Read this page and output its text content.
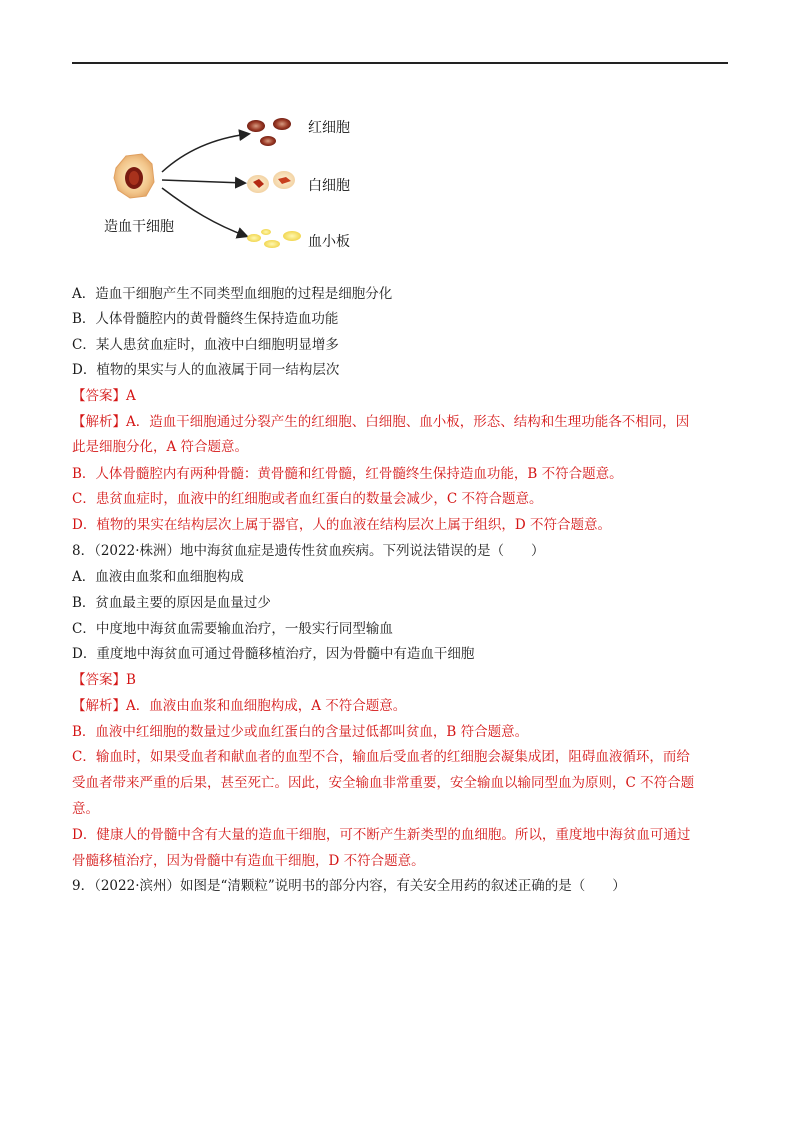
造血干细胞
红细胞
白细胞
血小板
A．造血干细胞产生不同类型血细胞的过程是细胞分化
B．人体骨髓腔内的黄骨髓终生保持造血功能
C．某人患贫血症时，血液中白细胞明显增多
D．植物的果实与人的血液属于同一结构层次
【答案】A
【解析】A．造血干细胞通过分裂产生的红细胞、白细胞、血小板，形态、结构和生理功能各不相同，因
此是细胞分化，A 符合题意。
B．人体骨髓腔内有两种骨髓：黄骨髓和红骨髓，红骨髓终生保持造血功能，B 不符合题意。
C．患贫血症时，血液中的红细胞或者血红蛋白的数量会减少，C 不符合题意。
D．植物的果实在结构层次上属于器官，人的血液在结构层次上属于组织，D 不符合题意。
8．（2022·株洲）地中海贫血症是遗传性贫血疾病。下列说法错误的是（　　）
A．血液由血浆和血细胞构成
B．贫血最主要的原因是血量过少
C．中度地中海贫血需要输血治疗，一般实行同型输血
D．重度地中海贫血可通过骨髓移植治疗，因为骨髓中有造血干细胞
【答案】B
【解析】A．血液由血浆和血细胞构成，A 不符合题意。
B．血液中红细胞的数量过少或血红蛋白的含量过低都叫贫血，B 符合题意。
C．输血时，如果受血者和献血者的血型不合，输血后受血者的红细胞会凝集成团，阻碍血液循环，而给
受血者带来严重的后果，甚至死亡。因此，安全输血非常重要，安全输血以输同型血为原则，C 不符合题
意。
D．健康人的骨髓中含有大量的造血干细胞，可不断产生新类型的血细胞。所以，重度地中海贫血可通过
骨髓移植治疗，因为骨髓中有造血干细胞，D 不符合题意。
9．（2022·滨州）如图是“清颗粒”说明书的部分内容，有关安全用药的叙述正确的是（　　）
